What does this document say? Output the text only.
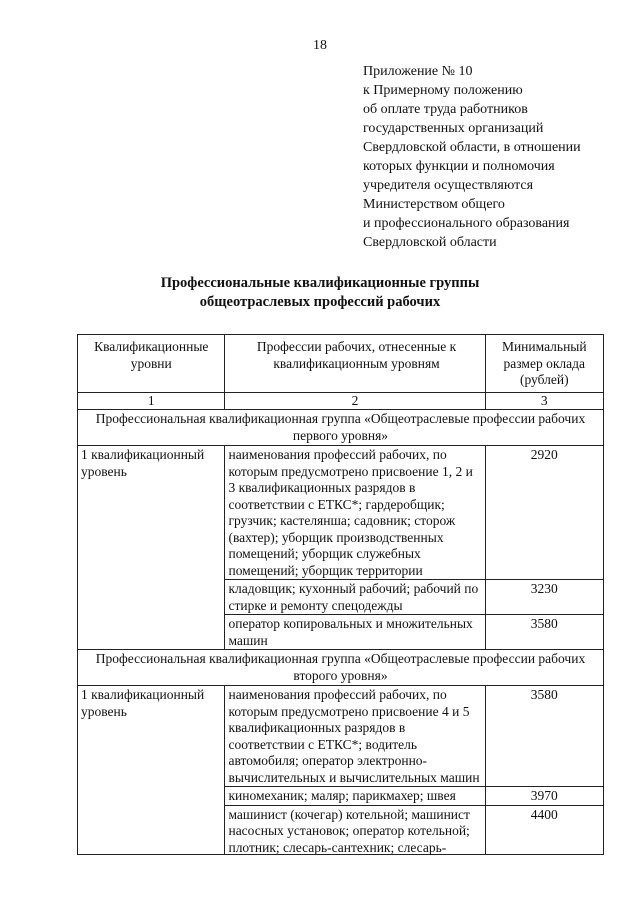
18
Приложение № 10
к Примерному положению
об оплате труда работников
государственных организаций
Свердловской области, в отношении
которых функции и полномочия
учредителя осуществляются
Министерством общего
и профессионального образования
Свердловской области
Профессиональные квалификационные группы
общеотраслевых профессий рабочих
Квалификационные уровни	Профессии рабочих, отнесенные к квалификационным уровням	Минимальный размер оклада (рублей)
1	2	3
Профессиональная квалификационная группа «Общеотраслевые профессии рабочих первого уровня»		
1 квалификационный уровень	наименования профессий рабочих, по которым предусмотрено присвоение 1, 2 и 3 квалификационных разрядов в соответствии с ЕТКС*; гардеробщик; грузчик; кастелянша; садовник; сторож (вахтер); уборщик производственных помещений; уборщик служебных помещений; уборщик территории	2920
	кладовщик; кухонный рабочий; рабочий по стирке и ремонту спецодежды	3230
	оператор копировальных и множительных машин	3580
Профессиональная квалификационная группа «Общеотраслевые профессии рабочих второго уровня»		
1 квалификационный уровень	наименования профессий рабочих, по которым предусмотрено присвоение 4 и 5 квалификационных разрядов в соответствии с ЕТКС*; водитель автомобиля; оператор электронно-вычислительных и вычислительных машин	3580
	киномеханик; маляр; парикмахер; швея	3970

	машинист (кочегар) котельной; машинист насосных установок; оператор котельной; плотник; слесарь-сантехник; слесарь-	4400
